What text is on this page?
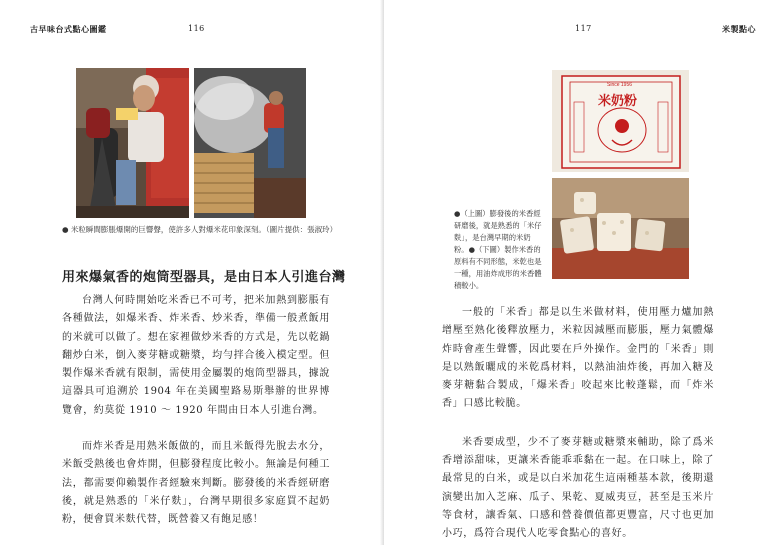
古早味台式點心圖鑑	116
● 米粒瞬間膨脹爆開的巨響聲，使許多人對爆米花印象深刻。（圖片提供：張淑玲）
用來爆氣香的炮筒型器具，是由日本人引進台灣

台灣人何時開始吃米香已不可考，把米加熱到膨脹有各種做法，如爆米香、炸米香、炒米香，準備一般煮飯用的米就可以做了。想在家裡做炒米香的方式是，先以乾鍋翻炒白米，倒入麥芽糖或糖漿，均勻拌合後入模定型。但製作爆米香就有限制，需使用金屬製的炮筒型器具，據說這器具可追溯於 1904 年在美國聖路易斯舉辦的世界博覽會，約莫從 1910 ～ 1920 年間由日本人引進台灣。

而炸米香是用熟米飯做的，而且米飯得先脫去水分，米飯受熱後也會炸開，但膨發程度比較小。無論是何種工法，都需要仰賴製作者經驗來判斷。膨發後的米香經研磨後，就是熟悉的「米仔麩」，台灣早期很多家庭買不起奶粉，便會買米麩代替，既營養又有飽足感！

117	米製點心
Since 1956
米奶粉
●（上圖）膨發後的米香經研磨後，就是熟悉的「米仔麩」，是台灣早期的米奶粉。●（下圖）製作米香的原料有不同形態，米乾也是一種，用油炸成形的米香體積較小。

一般的「米香」都是以生米做材料，使用壓力爐加熱增壓至熟化後釋放壓力，米粒因減壓而膨脹，壓力氣體爆炸時會產生聲響，因此要在戶外操作。金門的「米香」則是以熟飯曬成的米乾爲材料，以熱油油炸後，再加入糖及麥芽糖黏合製成，「爆米香」咬起來比較蓬鬆，而「炸米香」口感比較脆。

米香要成型，少不了麥芽糖或糖漿來輔助，除了爲米香增添甜味，更讓米香能乖乖黏在一起。在口味上，除了最常見的白米，或是以白米加花生這兩種基本款，後期還演變出加入芝麻、瓜子、果乾、夏威夷豆，甚至是玉米片等食材，讓香氣、口感和營養價值都更豐富，尺寸也更加小巧，爲符合現代人吃零食點心的喜好。
